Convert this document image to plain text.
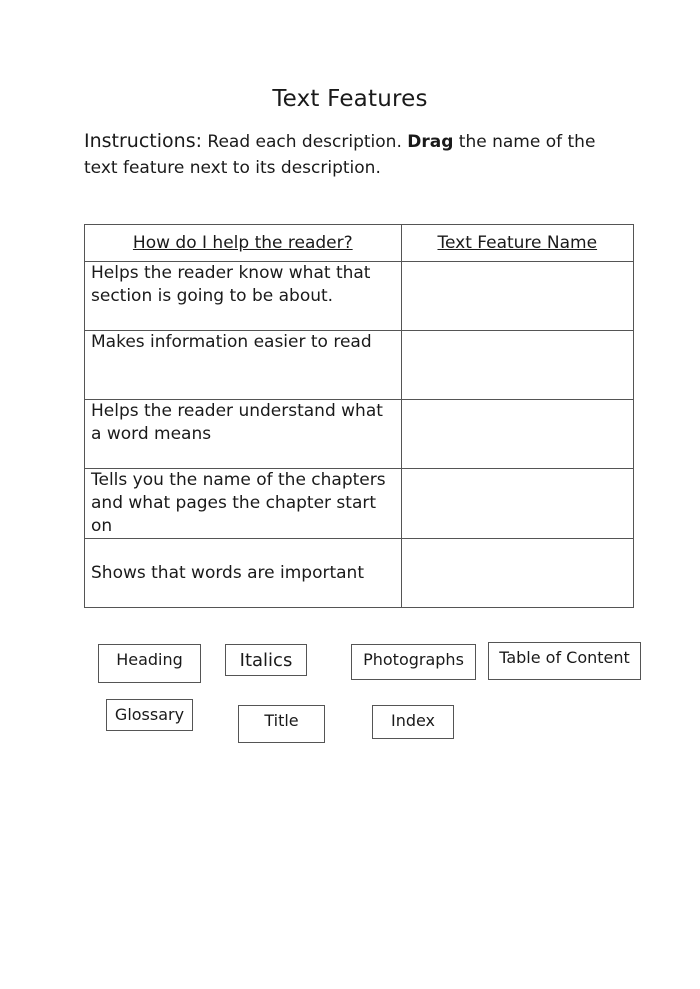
Text Features
Instructions: Read each description. Drag the name of the text feature next to its description.
How do I help the reader?	Text Feature Name
Helps the reader know what that section is going to be about.	
Makes information easier to read	
Helps the reader understand what a word means	
Tells you the name of the chapters and what pages the chapter start on	
Shows that words are important	
Heading	Italics	Photographs	Table of Content
Glossary	Title	Index
